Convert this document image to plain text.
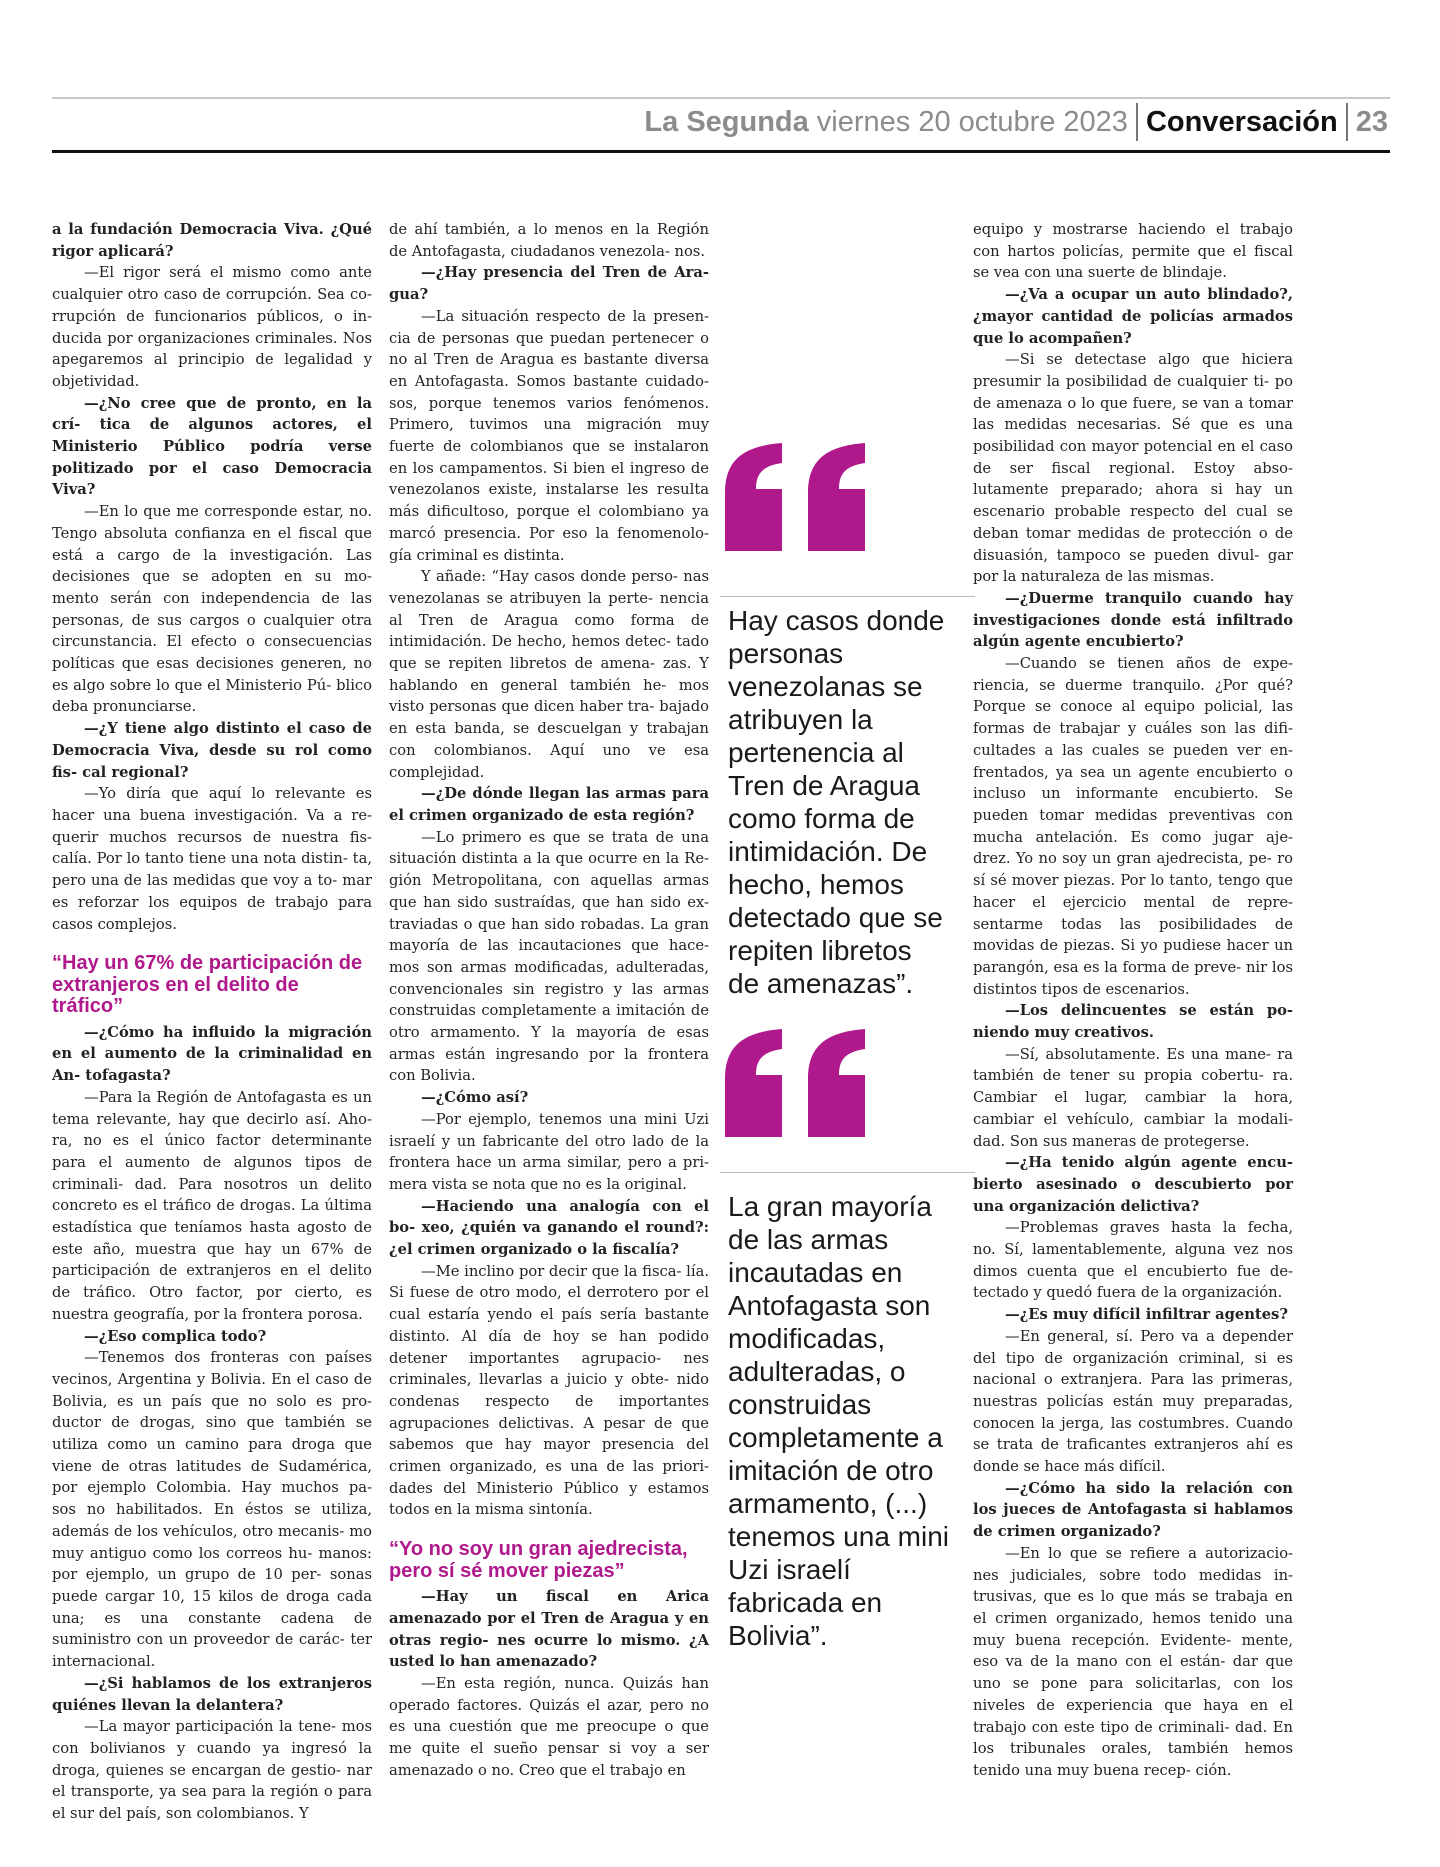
La Segunda viernes 20 octubre 2023 Conversación 23

a la fundación Democracia Viva. ¿Qué rigor aplicará?

—El rigor será el mismo como ante cualquier otro caso de corrupción. Sea co- rrupción de funcionarios públicos, o in- ducida por organizaciones criminales. Nos apegaremos al principio de legalidad y objetividad.

—¿No cree que de pronto, en la crí- tica de algunos actores, el Ministerio Público podría verse politizado por el caso Democracia Viva?

—En lo que me corresponde estar, no. Tengo absoluta confianza en el fiscal que está a cargo de la investigación. Las decisiones que se adopten en su mo- mento serán con independencia de las personas, de sus cargos o cualquier otra circunstancia. El efecto o consecuencias políticas que esas decisiones generen, no es algo sobre lo que el Ministerio Pú- blico deba pronunciarse.

—¿Y tiene algo distinto el caso de Democracia Viva, desde su rol como fis- cal regional?

—Yo diría que aquí lo relevante es hacer una buena investigación. Va a re- querir muchos recursos de nuestra fis- calía. Por lo tanto tiene una nota distin- ta, pero una de las medidas que voy a to- mar es reforzar los equipos de trabajo para casos complejos.

“Hay un 67% de participación de extranjeros en el delito de tráfico”

—¿Cómo ha influido la migración en el aumento de la criminalidad en An- tofagasta?

—Para la Región de Antofagasta es un tema relevante, hay que decirlo así. Aho- ra, no es el único factor determinante para el aumento de algunos tipos de criminali- dad. Para nosotros un delito concreto es el tráfico de drogas. La última estadística que teníamos hasta agosto de este año, muestra que hay un 67% de participación de extranjeros en el delito de tráfico. Otro factor, por cierto, es nuestra geografía, por la frontera porosa.

—¿Eso complica todo?

—Tenemos dos fronteras con países vecinos, Argentina y Bolivia. En el caso de Bolivia, es un país que no solo es pro- ductor de drogas, sino que también se utiliza como un camino para droga que viene de otras latitudes de Sudamérica, por ejemplo Colombia. Hay muchos pa- sos no habilitados. En éstos se utiliza, además de los vehículos, otro mecanis- mo muy antiguo como los correos hu- manos: por ejemplo, un grupo de 10 per- sonas puede cargar 10, 15 kilos de droga cada una; es una constante cadena de suministro con un proveedor de carác- ter internacional.

—¿Si hablamos de los extranjeros quiénes llevan la delantera?

—La mayor participación la tene- mos con bolivianos y cuando ya ingresó la droga, quienes se encargan de gestio- nar el transporte, ya sea para la región o para el sur del país, son colombianos. Y

de ahí también, a lo menos en la Región de Antofagasta, ciudadanos venezola- nos.

—¿Hay presencia del Tren de Ara- gua?

—La situación respecto de la presen- cia de personas que puedan pertenecer o no al Tren de Aragua es bastante diversa en Antofagasta. Somos bastante cuidado- sos, porque tenemos varios fenómenos. Primero, tuvimos una migración muy fuerte de colombianos que se instalaron en los campamentos. Si bien el ingreso de venezolanos existe, instalarse les resulta más dificultoso, porque el colombiano ya marcó presencia. Por eso la fenomenolo- gía criminal es distinta.

Y añade: “Hay casos donde perso- nas venezolanas se atribuyen la perte- nencia al Tren de Aragua como forma de intimidación. De hecho, hemos detec- tado que se repiten libretos de amena- zas. Y hablando en general también he- mos visto personas que dicen haber tra- bajado en esta banda, se descuelgan y trabajan con colombianos. Aquí uno ve esa complejidad.

—¿De dónde llegan las armas para el crimen organizado de esta región?

—Lo primero es que se trata de una situación distinta a la que ocurre en la Re- gión Metropolitana, con aquellas armas que han sido sustraídas, que han sido ex- traviadas o que han sido robadas. La gran mayoría de las incautaciones que hace- mos son armas modificadas, adulteradas, convencionales sin registro y las armas construidas completamente a imitación de otro armamento. Y la mayoría de esas armas están ingresando por la frontera con Bolivia.

—¿Cómo así?

—Por ejemplo, tenemos una mini Uzi israelí y un fabricante del otro lado de la frontera hace un arma similar, pero a pri- mera vista se nota que no es la original.

—Haciendo una analogía con el bo- xeo, ¿quién va ganando el round?: ¿el crimen organizado o la fiscalía?

—Me inclino por decir que la fisca- lía. Si fuese de otro modo, el derrotero por el cual estaría yendo el país sería bastante distinto. Al día de hoy se han podido detener importantes agrupacio- nes criminales, llevarlas a juicio y obte- nido condenas respecto de importantes agrupaciones delictivas. A pesar de que sabemos que hay mayor presencia del crimen organizado, es una de las priori- dades del Ministerio Público y estamos todos en la misma sintonía.

“Yo no soy un gran ajedrecista, pero sí sé mover piezas”

—Hay un fiscal en Arica amenazado por el Tren de Aragua y en otras regio- nes ocurre lo mismo. ¿A usted lo han amenazado?

—En esta región, nunca. Quizás han operado factores. Quizás el azar, pero no es una cuestión que me preocupe o que me quite el sueño pensar si voy a ser amenazado o no. Creo que el trabajo en

equipo y mostrarse haciendo el trabajo con hartos policías, permite que el fiscal se vea con una suerte de blindaje.

—¿Va a ocupar un auto blindado?, ¿mayor cantidad de policías armados que lo acompañen?

—Si se detectase algo que hiciera presumir la posibilidad de cualquier ti- po de amenaza o lo que fuere, se van a tomar las medidas necesarias. Sé que es una posibilidad con mayor potencial en el caso de ser fiscal regional. Estoy abso- lutamente preparado; ahora si hay un escenario probable respecto del cual se deban tomar medidas de protección o de disuasión, tampoco se pueden divul- gar por la naturaleza de las mismas.

—¿Duerme tranquilo cuando hay investigaciones donde está infiltrado algún agente encubierto?

—Cuando se tienen años de expe- riencia, se duerme tranquilo. ¿Por qué? Porque se conoce al equipo policial, las formas de trabajar y cuáles son las difi- cultades a las cuales se pueden ver en- frentados, ya sea un agente encubierto o incluso un informante encubierto. Se pueden tomar medidas preventivas con mucha antelación. Es como jugar aje- drez. Yo no soy un gran ajedrecista, pe- ro sí sé mover piezas. Por lo tanto, tengo que hacer el ejercicio mental de repre- sentarme todas las posibilidades de movidas de piezas. Si yo pudiese hacer un parangón, esa es la forma de preve- nir los distintos tipos de escenarios.

—Los delincuentes se están po- niendo muy creativos.

—Sí, absolutamente. Es una mane- ra también de tener su propia cobertu- ra. Cambiar el lugar, cambiar la hora, cambiar el vehículo, cambiar la modali- dad. Son sus maneras de protegerse.

—¿Ha tenido algún agente encu- bierto asesinado o descubierto por una organización delictiva?

—Problemas graves hasta la fecha, no. Sí, lamentablemente, alguna vez nos dimos cuenta que el encubierto fue de- tectado y quedó fuera de la organización.

—¿Es muy difícil infiltrar agentes?

—En general, sí. Pero va a depender del tipo de organización criminal, si es nacional o extranjera. Para las primeras, nuestras policías están muy preparadas, conocen la jerga, las costumbres. Cuando se trata de traficantes extranjeros ahí es donde se hace más difícil.

—¿Cómo ha sido la relación con los jueces de Antofagasta si hablamos de crimen organizado?

—En lo que se refiere a autorizacio- nes judiciales, sobre todo medidas in- trusivas, que es lo que más se trabaja en el crimen organizado, hemos tenido una muy buena recepción. Evidente- mente, eso va de la mano con el están- dar que uno se pone para solicitarlas, con los niveles de experiencia que haya en el trabajo con este tipo de criminali- dad. En los tribunales orales, también hemos tenido una muy buena recep- ción.

Hay casos donde
personas
venezolanas se
atribuyen la
pertenencia al
Tren de Aragua
como forma de
intimidación. De
hecho, hemos
detectado que se
repiten libretos
de amenazas”.
La gran mayoría
de las armas
incautadas en
Antofagasta son
modificadas,
adulteradas, o
construidas
completamente a
imitación de otro
armamento, (...)
tenemos una mini
Uzi israelí
fabricada en
Bolivia”.
